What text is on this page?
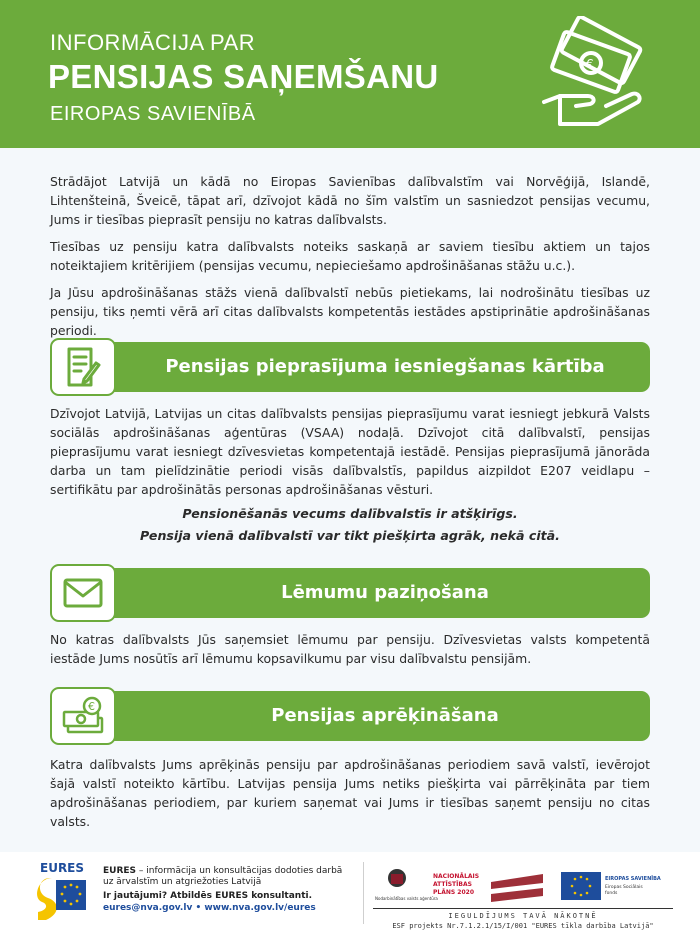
INFORMĀCIJA PAR
PENSIJAS SAŅEMŠANU
EIROPAS SAVIENĪBĀ
€
Strādājot Latvijā un kādā no Eiropas Savienības dalībvalstīm vai Norvēģijā, Islandē, Lihtenšteinā, Šveicē, tāpat arī, dzīvojot kādā no šīm valstīm un sasniedzot pensijas vecumu, Jums ir tiesības pieprasīt pensiju no katras dalībvalsts.
Tiesības uz pensiju katra dalībvalsts noteiks saskaņā ar saviem tiesību aktiem un tajos noteiktajiem kritērijiem (pensijas vecumu, nepieciešamo apdrošināšanas stāžu u.c.).
Ja Jūsu apdrošināšanas stāžs vienā dalībvalstī nebūs pietiekams, lai nodrošinātu tiesības uz pensiju, tiks ņemti vērā arī citas dalībvalsts kompetentās iestādes apstiprinātie apdrošināšanas periodi.
Pensijas pieprasījuma iesniegšanas kārtība
Dzīvojot Latvijā, Latvijas un citas dalībvalsts pensijas pieprasījumu varat iesniegt jebkurā Valsts sociālās apdrošināšanas aģentūras (VSAA) nodaļā. Dzīvojot citā dalībvalstī, pensijas pieprasījumu varat iesniegt dzīvesvietas kompetentajā iestādē. Pensijas pieprasījumā jānorāda darba un tam pielīdzinātie periodi visās dalībvalstīs, papildus aizpildot E207 veidlapu – sertifikātu par apdrošinātās personas apdrošināšanas vēsturi.
Pensionēšanās vecums dalībvalstīs ir atšķirīgs.
Pensija vienā dalībvalstī var tikt piešķirta agrāk, nekā citā.
Lēmumu paziņošana
No katras dalībvalsts Jūs saņemsiet lēmumu par pensiju. Dzīvesvietas valsts kompetentā iestāde Jums nosūtīs arī lēmumu kopsavilkumu par visu dalībvalstu pensijām.
€	Pensijas aprēķināšana
Katra dalībvalsts Jums aprēķinās pensiju par apdrošināšanas periodiem savā valstī, ievērojot šajā valstī noteikto kārtību. Latvijas pensija Jums netiks piešķirta vai pārrēķināta par tiem apdrošināšanas periodiem, par kuriem saņemat vai Jums ir tiesības saņemt pensiju no citas valsts.
EURES EURES – informācija un konsultācijas dodoties darbā uz ārvalstīm un atgriežoties Latvijā
Ir jautājumi? Atbildēs EURES konsultanti.
eures@nva.gov.lv • www.nva.gov.lv/eures
Nodarbinātības valsts aģentūra
NACIONĀLAIS
ATTĪSTĪBAS
PLĀNS 2020
EIROPAS SAVIENĪBA
Eiropas Sociālais
fonds
IEGULDĪJUMS TAVĀ NĀKOTNĒ
ESF projekts Nr.7.1.2.1/15/I/001 "EURES tīkla darbība Latvijā"
